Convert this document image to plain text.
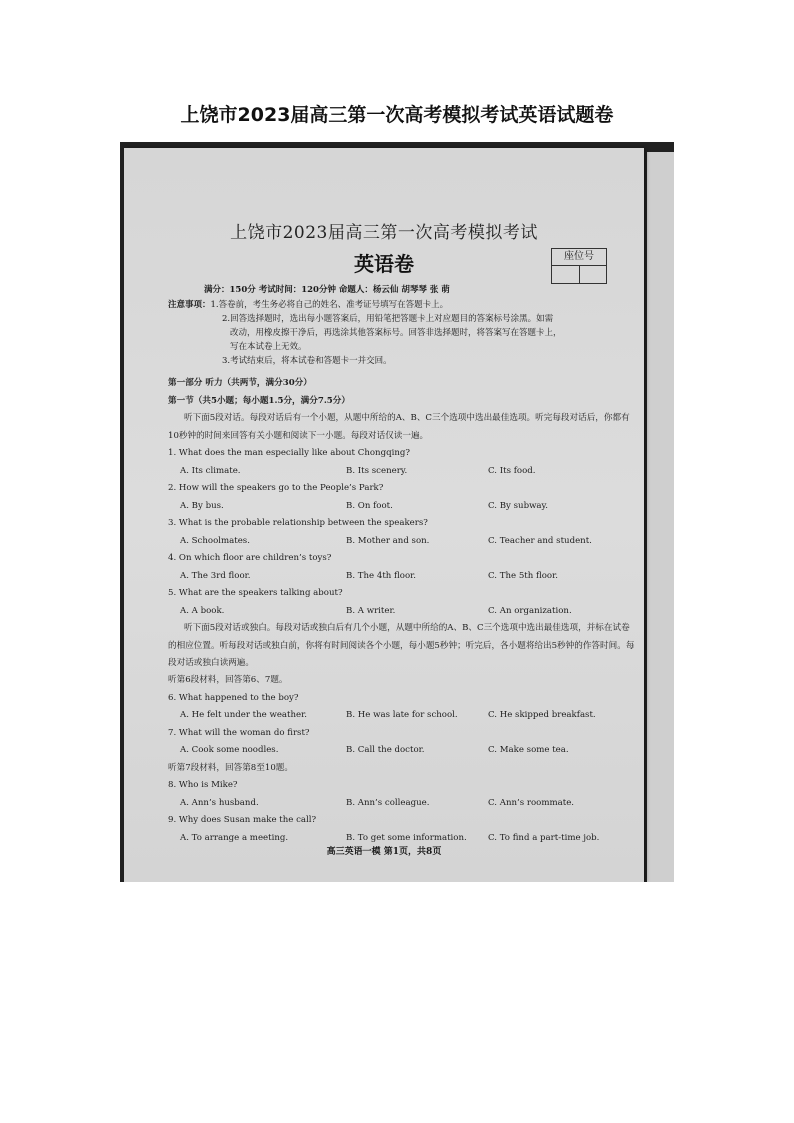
上饶市2023届高三第一次高考模拟考试英语试题卷
上饶市2023届高三第一次高考模拟考试
英语卷	座位号
满分：150分 考试时间：120分钟 命题人：杨云仙 胡琴琴 张 萌
注意事项：1.答卷前，考生务必将自己的姓名、准考证号填写在答题卡上。
2.回答选择题时，选出每小题答案后，用铅笔把答题卡上对应题目的答案标号涂黑。如需
改动，用橡皮擦干净后，再选涂其他答案标号。回答非选择题时，将答案写在答题卡上，
写在本试卷上无效。
3.考试结束后，将本试卷和答题卡一并交回。
第一部分 听力（共两节，满分30分）
第一节（共5小题；每小题1.5分，满分7.5分）
听下面5段对话。每段对话后有一个小题，从题中所给的A、B、C三个选项中选出最佳选项。听完每段对话后，你都有10秒钟的时间来回答有关小题和阅读下一小题。每段对话仅读一遍。
1. What does the man especially like about Chongqing?
A. Its climate.	B. Its scenery.	C. Its food.
2. How will the speakers go to the People’s Park?
A. By bus.	B. On foot.	C. By subway.
3. What is the probable relationship between the speakers?
A. Schoolmates.	B. Mother and son.	C. Teacher and student.
4. On which floor are children’s toys?
A. The 3rd floor.	B. The 4th floor.	C. The 5th floor.
5. What are the speakers talking about?
A. A book.	B. A writer.	C. An organization.
听下面5段对话或独白。每段对话或独白后有几个小题，从题中所给的A、B、C三个选项中选出最佳选项，并标在试卷的相应位置。听每段对话或独白前，你将有时间阅读各个小题，每小题5秒钟；听完后，各小题将给出5秒钟的作答时间。每段对话或独白读两遍。
听第6段材料，回答第6、7题。
6. What happened to the boy?
A. He felt under the weather.	B. He was late for school.	C. He skipped breakfast.
7. What will the woman do first?
A. Cook some noodles.	B. Call the doctor.	C. Make some tea.
听第7段材料，回答第8至10题。
8. Who is Mike?
A. Ann’s husband.	B. Ann’s colleague.	C. Ann’s roommate.
9. Why does Susan make the call?
A. To arrange a meeting.	B. To get some information.	C. To find a part-time job.
高三英语一模 第1页，共8页
